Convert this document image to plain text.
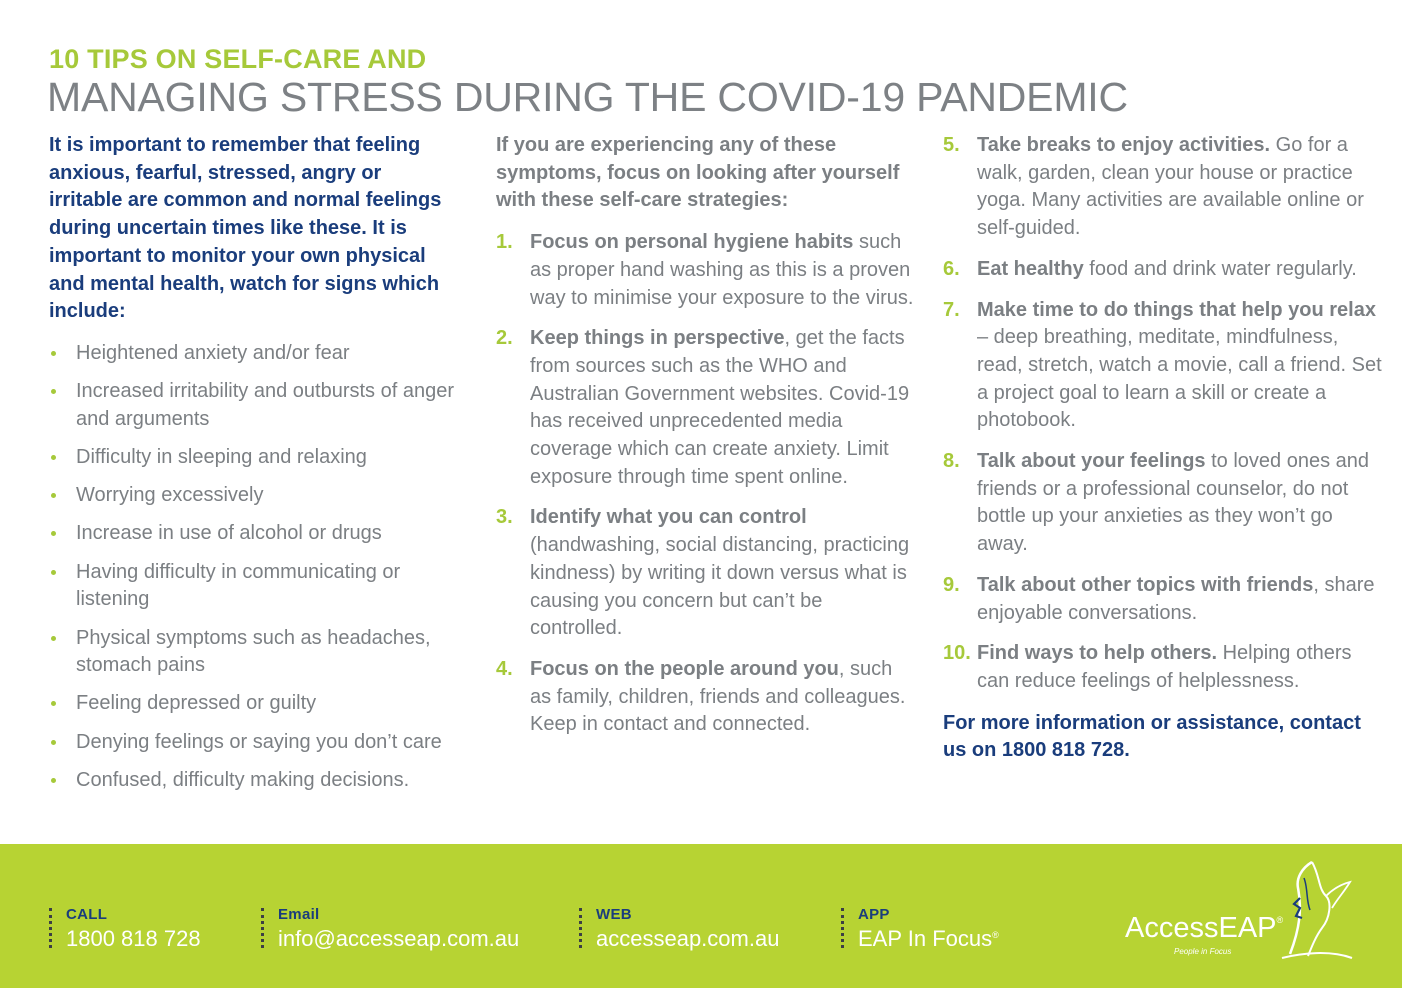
10 TIPS ON SELF-CARE AND
MANAGING STRESS DURING THE COVID-19 PANDEMIC

It is important to remember that feeling anxious, fearful, stressed, angry or irritable are common and normal feelings during uncertain times like these. It is important to monitor your own physical and mental health, watch for signs which include:

Heightened anxiety and/or fear
Increased irritability and outbursts of anger and arguments
Difficulty in sleeping and relaxing
Worrying excessively
Increase in use of alcohol or drugs
Having difficulty in communicating or listening
Physical symptoms such as headaches, stomach pains
Feeling depressed or guilty
Denying feelings or saying you don’t care
Confused, difficulty making decisions.

If you are experiencing any of these symptoms, focus on looking after yourself with these self-care strategies:

1. Focus on personal hygiene habits such as proper hand washing as this is a proven way to minimise your exposure to the virus.
2. Keep things in perspective, get the facts from sources such as the WHO and Australian Government websites. Covid-19 has received unprecedented media coverage which can create anxiety. Limit exposure through time spent online.
3. Identify what you can control (handwashing, social distancing, practicing kindness) by writing it down versus what is causing you concern but can’t be controlled.
4. Focus on the people around you, such as family, children, friends and colleagues. Keep in contact and connected.
5. Take breaks to enjoy activities. Go for a walk, garden, clean your house or practice yoga. Many activities are available online or self-guided.
6. Eat healthy food and drink water regularly.
7. Make time to do things that help you relax – deep breathing, meditate, mindfulness, read, stretch, watch a movie, call a friend. Set a project goal to learn a skill or create a photobook.
8. Talk about your feelings to loved ones and friends or a professional counselor, do not bottle up your anxieties as they won’t go away.
9. Talk about other topics with friends, share enjoyable conversations.
10. Find ways to help others. Helping others can reduce feelings of helplessness.

For more information or assistance, contact us on 1800 818 728.

CALL
1800 818 728
Email
info@accesseap.com.au
WEB
accesseap.com.au
APP
EAP In Focus®	AccessEAP®
People in Focus
